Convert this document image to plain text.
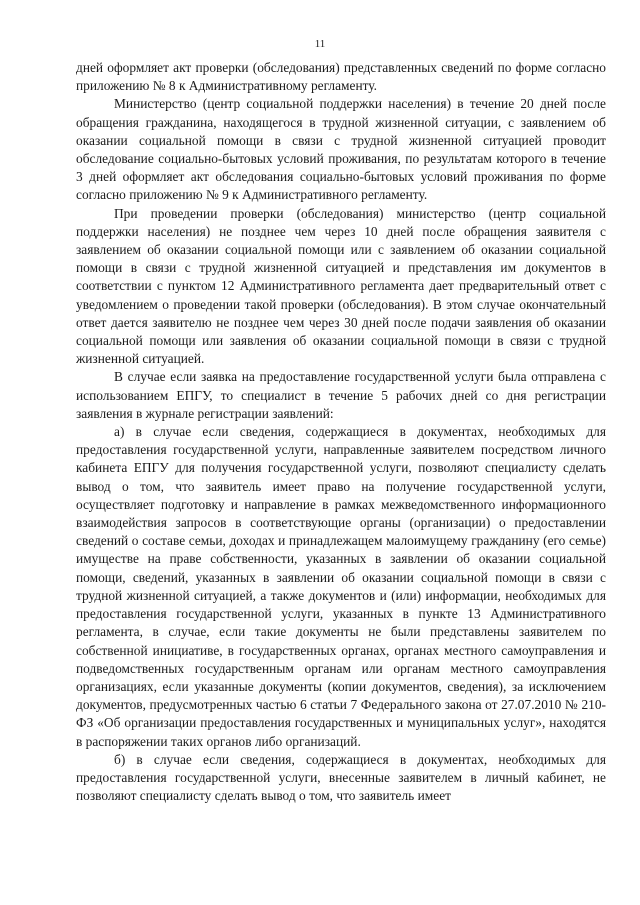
11

дней оформляет акт проверки (обследования) представленных сведений по форме согласно приложению № 8 к Административному регламенту.

Министерство (центр социальной поддержки населения) в течение 20 дней после обращения гражданина, находящегося в трудной жизненной ситуации, с заявлением об оказании социальной помощи в связи с трудной жизненной ситуацией проводит обследование социально-бытовых условий проживания, по результатам которого в течение 3 дней оформляет акт обследования социально-бытовых условий проживания по форме согласно приложению № 9 к Административного регламенту.

При проведении проверки (обследования) министерство (центр социальной поддержки населения) не позднее чем через 10 дней после обращения заявителя с заявлением об оказании социальной помощи или с заявлением об оказании социальной помощи в связи с трудной жизненной ситуацией и представления им документов в соответствии с пунктом 12 Административного регламента дает предварительный ответ с уведомлением о проведении такой проверки (обследования). В этом случае окончательный ответ дается заявителю не позднее чем через 30 дней после подачи заявления об оказании социальной помощи или заявления об оказании социальной помощи в связи с трудной жизненной ситуацией.

В случае если заявка на предоставление государственной услуги была отправлена с использованием ЕПГУ, то специалист в течение 5 рабочих дней со дня регистрации заявления в журнале регистрации заявлений:

а) в случае если сведения, содержащиеся в документах, необходимых для предоставления государственной услуги, направленные заявителем посредством личного кабинета ЕПГУ для получения государственной услуги, позволяют специалисту сделать вывод о том, что заявитель имеет право на получение государственной услуги, осуществляет подготовку и направление в рамках межведомственного информационного взаимодействия запросов в соответствующие органы (организации) о предоставлении сведений о составе семьи, доходах и принадлежащем малоимущему гражданину (его семье) имуществе на праве собственности, указанных в заявлении об оказании социальной помощи, сведений, указанных в заявлении об оказании социальной помощи в связи с трудной жизненной ситуацией, а также документов и (или) информации, необходимых для предоставления государственной услуги, указанных в пункте 13 Административного регламента, в случае, если такие документы не были представлены заявителем по собственной инициативе, в государственных органах, органах местного самоуправления и подведомственных государственным органам или органам местного самоуправления организациях, если указанные документы (копии документов, сведения), за исключением документов, предусмотренных частью 6 статьи 7 Федерального закона от 27.07.2010 № 210-ФЗ «Об организации предоставления государственных и муниципальных услуг», находятся в распоряжении таких органов либо организаций.

б) в случае если сведения, содержащиеся в документах, необходимых для предоставления государственной услуги, внесенные заявителем в личный кабинет, не позволяют специалисту сделать вывод о том, что заявитель имеет
